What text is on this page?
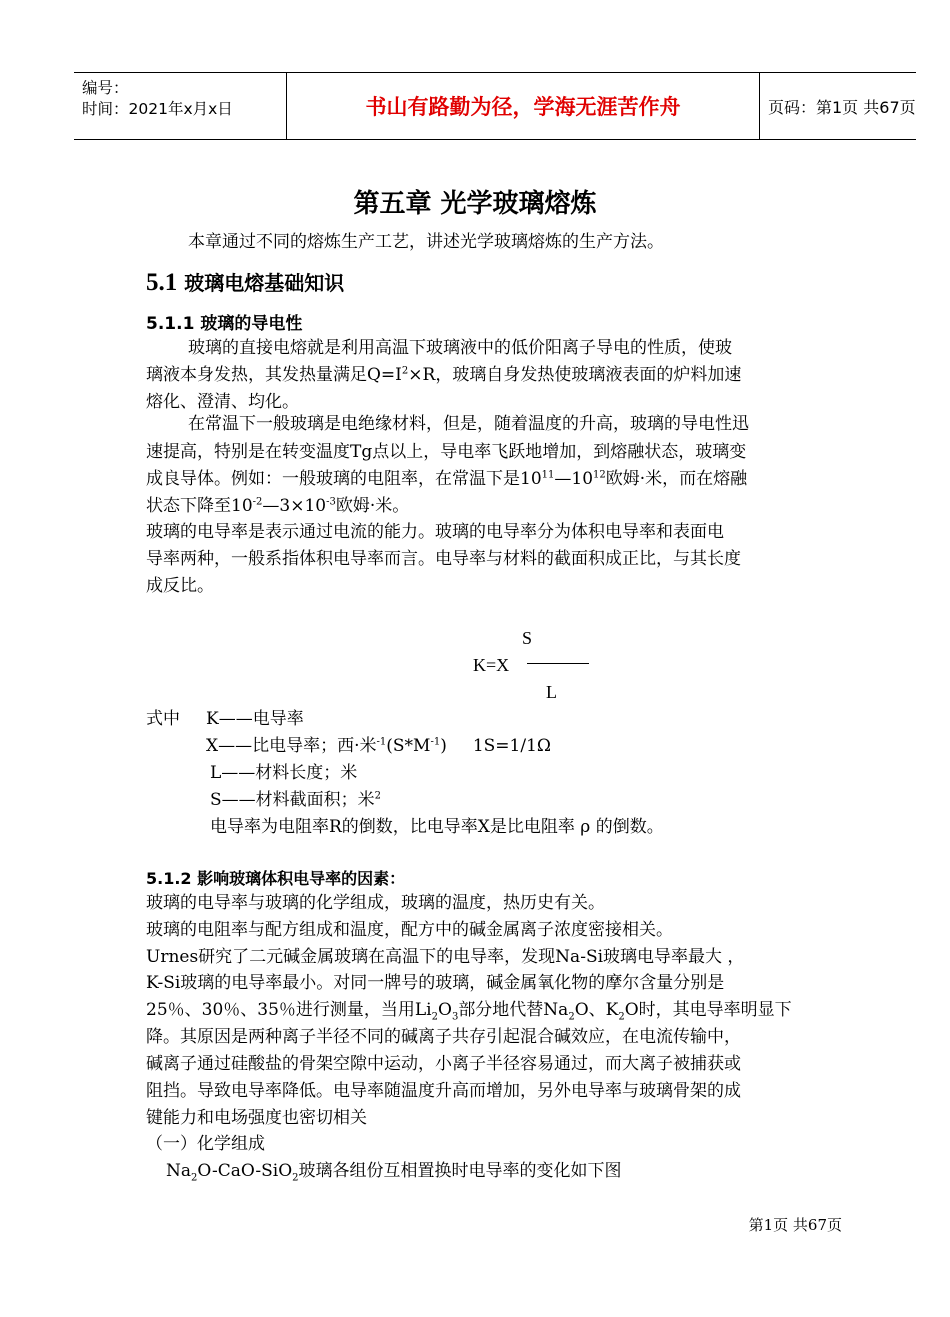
编号：
时间：2021年x月x日	书山有路勤为径，学海无涯苦作舟	页码：第1页 共67页
第五章 光学玻璃熔炼
本章通过不同的熔炼生产工艺，讲述光学玻璃熔炼的生产方法。
5.1 玻璃电熔基础知识
5.1.1 玻璃的导电性
玻璃的直接电熔就是利用高温下玻璃液中的低价阳离子导电的性质，使玻
璃液本身发热，其发热量满足$Q=I^2\times R$，玻璃自身发热使玻璃液表面的炉料加速
熔化、澄清、均化。
在常温下一般玻璃是电绝缘材料，但是，随着温度的升高，玻璃的导电性迅
速提高，特别是在转变温度Tg点以上，导电率飞跃地增加，到熔融状态，玻璃变
成良导体。例如：一般玻璃的电阻率，在常温下是$10^{11}—10^{12}$欧姆·米，而在熔融
状态下降至$10^{-2}—3\times 10^{-3}$欧姆·米。
玻璃的电导率是表示通过电流的能力。玻璃的电导率分为体积电导率和表面电
导率两种，一般系指体积电导率而言。电导率与材料的截面积成正比，与其长度
成反比。
S
K=X
L
式中 K——电导率
X——比电导率；西·米$^{-1}(S*M^{-1})$ 1S=1/1Ω
L——材料长度；米
S——材料截面积；米$^2$
电导率为电阻率R的倒数，比电导率X是比电阻率 ρ 的倒数。
5.1.2 影响玻璃体积电导率的因素：
玻璃的电导率与玻璃的化学组成，玻璃的温度，热历史有关。
玻璃的电阻率与配方组成和温度，配方中的碱金属离子浓度密接相关。
Urnes研究了二元碱金属玻璃在高温下的电导率，发现Na-Si玻璃电导率最大 ，
K-Si玻璃的电导率最小。对同一牌号的玻璃，碱金属氧化物的摩尔含量分别是
25％、30％、35％进行测量，当用$Li_2O_3$部分地代替$Na_2O$、$K_2O$时，其电导率明显下
降。其原因是两种离子半径不同的碱离子共存引起混合碱效应，在电流传输中，
碱离子通过硅酸盐的骨架空隙中运动，小离子半径容易通过，而大离子被捕获或
阻挡。导致电导率降低。电导率随温度升高而增加，另外电导率与玻璃骨架的成
键能力和电场强度也密切相关
（一）化学组成
$Na_2O-CaO-SiO_2$玻璃各组份互相置换时电导率的变化如下图
第1页 共67页
